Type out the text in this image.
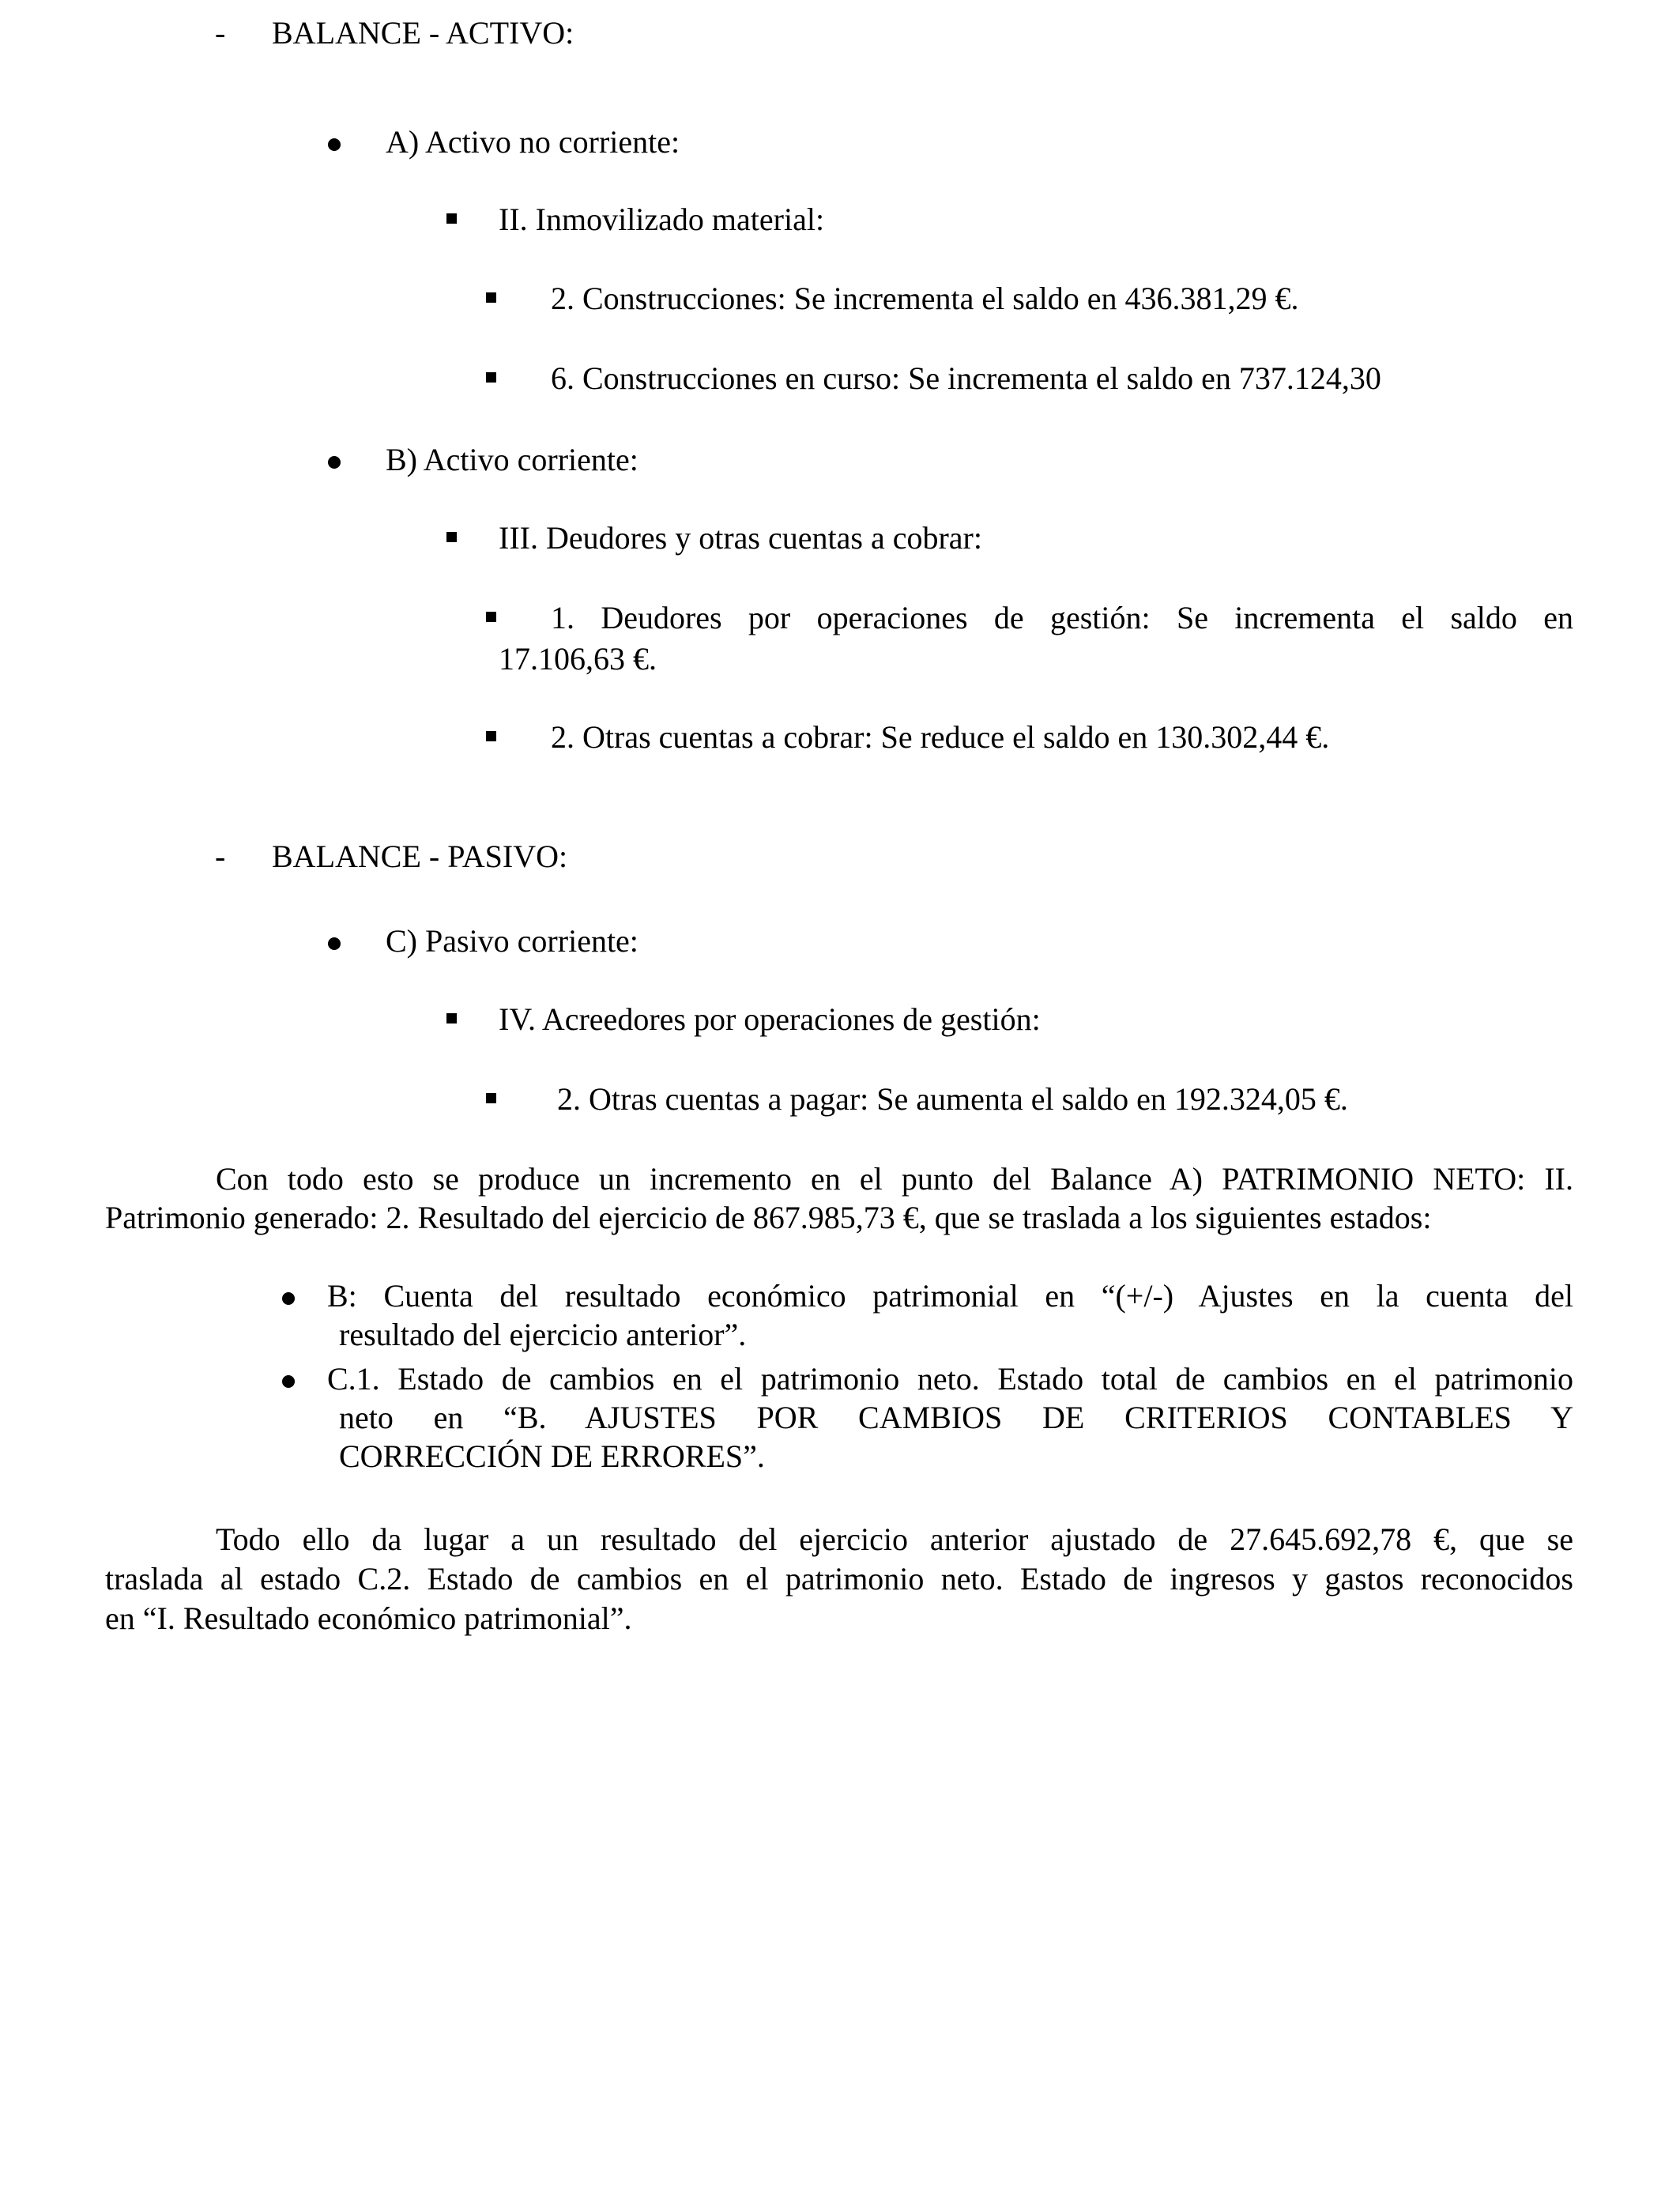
- BALANCE - ACTIVO:
A) Activo no corriente:
II. Inmovilizado material:
2. Construcciones: Se incrementa el saldo en 436.381,29 €.
6. Construcciones en curso: Se incrementa el saldo en 737.124,30
B) Activo corriente:
III. Deudores y otras cuentas a cobrar:
1. Deudores por operaciones de gestión: Se incrementa el saldo en
17.106,63 €.
2. Otras cuentas a cobrar: Se reduce el saldo en 130.302,44 €.
- BALANCE - PASIVO:
C) Pasivo corriente:
IV. Acreedores por operaciones de gestión:
2. Otras cuentas a pagar: Se aumenta el saldo en 192.324,05 €.
Con todo esto se produce un incremento en el punto del Balance A) PATRIMONIO NETO: II.
Patrimonio generado: 2. Resultado del ejercicio de 867.985,73 €, que se traslada a los siguientes estados:
B: Cuenta del resultado económico patrimonial en “(+/-) Ajustes en la cuenta del
resultado del ejercicio anterior”.
C.1. Estado de cambios en el patrimonio neto. Estado total de cambios en el patrimonio
neto en “B. AJUSTES POR CAMBIOS DE CRITERIOS CONTABLES Y
CORRECCIÓN DE ERRORES”.
Todo ello da lugar a un resultado del ejercicio anterior ajustado de 27.645.692,78 €, que se
traslada al estado C.2. Estado de cambios en el patrimonio neto. Estado de ingresos y gastos reconocidos
en “I. Resultado económico patrimonial”.
